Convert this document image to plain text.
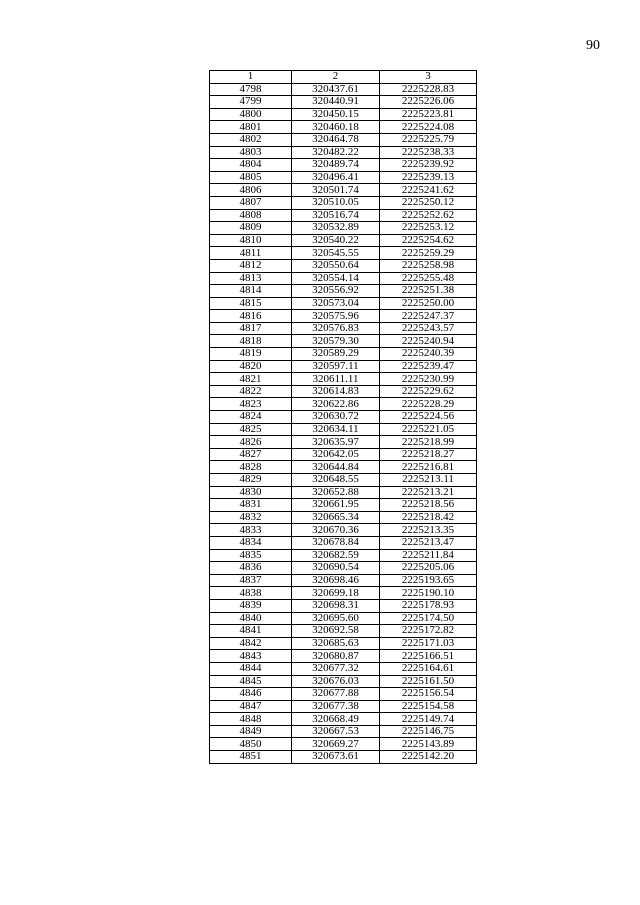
90
1	2	3
4798	320437.61	2225228.83
4799	320440.91	2225226.06
4800	320450.15	2225223.81
4801	320460.18	2225224.08
4802	320464.78	2225225.79
4803	320482.22	2225238.33
4804	320489.74	2225239.92
4805	320496.41	2225239.13
4806	320501.74	2225241.62
4807	320510.05	2225250.12
4808	320516.74	2225252.62
4809	320532.89	2225253.12
4810	320540.22	2225254.62
4811	320545.55	2225259.29
4812	320550.64	2225258.98
4813	320554.14	2225255.48
4814	320556.92	2225251.38
4815	320573.04	2225250.00
4816	320575.96	2225247.37
4817	320576.83	2225243.57
4818	320579.30	2225240.94
4819	320589.29	2225240.39
4820	320597.11	2225239.47
4821	320611.11	2225230.99
4822	320614.83	2225229.62
4823	320622.86	2225228.29
4824	320630.72	2225224.56
4825	320634.11	2225221.05
4826	320635.97	2225218.99
4827	320642.05	2225218.27
4828	320644.84	2225216.81
4829	320648.55	2225213.11
4830	320652.88	2225213.21
4831	320661.95	2225218.56
4832	320665.34	2225218.42
4833	320670.36	2225213.35
4834	320678.84	2225213.47
4835	320682.59	2225211.84
4836	320690.54	2225205.06
4837	320698.46	2225193.65
4838	320699.18	2225190.10
4839	320698.31	2225178.93
4840	320695.60	2225174.50
4841	320692.58	2225172.82
4842	320685.63	2225171.03
4843	320680.87	2225166.51
4844	320677.32	2225164.61
4845	320676.03	2225161.50
4846	320677.88	2225156.54
4847	320677.38	2225154.58
4848	320668.49	2225149.74
4849	320667.53	2225146.75
4850	320669.27	2225143.89
4851	320673.61	2225142.20
